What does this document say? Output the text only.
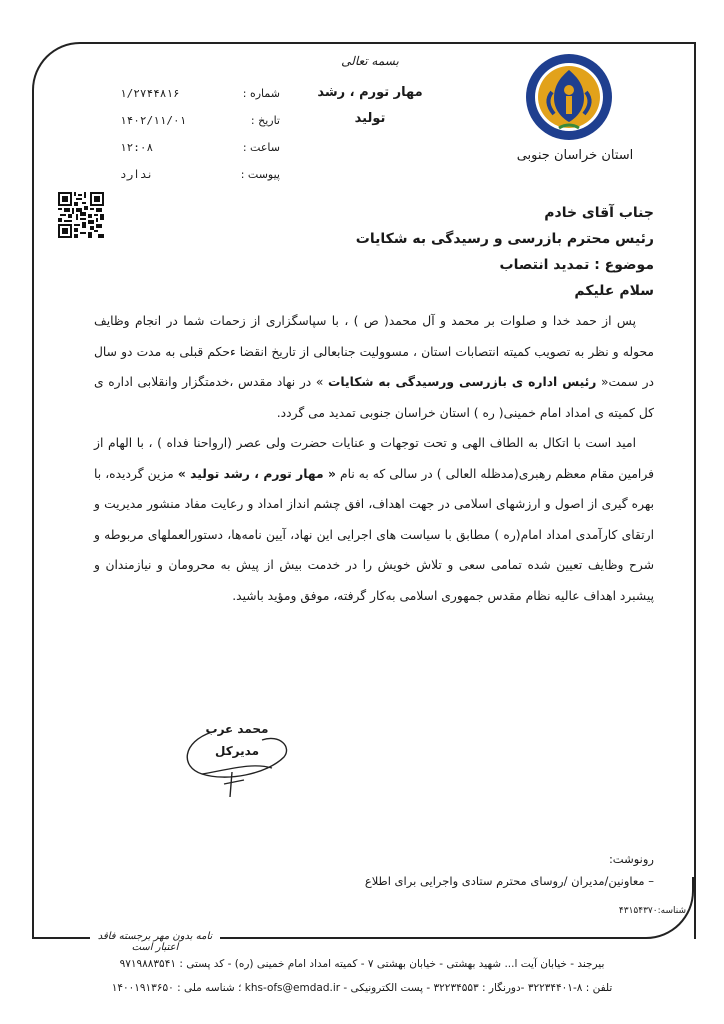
استان خراسان جنوبی
بسمه تعالی
مهار تورم ، رشد
تولید
شماره :
۱/۲۷۴۴۸۱۶
تاریخ :
۱۴۰۲/۱۱/۰۱
ساعت :
۱۲:۰۸
پیوست :
ندارد
جناب آقای خادم
رئیس محترم بازرسی و رسیدگی به شکایات
موضوع : تمدید انتصاب
سلام علیکم

پس از حمد خدا و صلوات بر محمد و آل محمد( ص ) ، با سپاسگزاری از زحمات شما در انجام وظایف محوله و نظر به تصویب کمیته انتصابات استان ، مسوولیت جنابعالی از تاریخ انقضا ءحکم قبلی به مدت دو سال در سمت« رئیس اداره ی بازرسی ورسیدگی به شکایات » در نهاد مقدس ،خدمتگزار وانقلابی اداره ی کل کمیته ی امداد امام خمینی( ره ) استان خراسان جنوبی تمدید می گردد.

امید است با اتکال به الطاف الهی و تحت توجهات و عنایات حضرت ولی عصر (ارواحنا فداه ) ، با الهام از فرامین مقام معظم رهبری(مدظله العالی ) در سالی که به نام « مهار تورم ، رشد تولید » مزین گردیده، با بهره گیری از اصول و ارزشهای اسلامی در جهت اهداف، افق چشم انداز امداد و رعایت مفاد منشور مدیریت و ارتقای کارآمدی امداد امام(ره ) مطابق با سیاست های اجرایی این نهاد، آیین نامه‌ها، دستورالعملهای مربوطه و شرح وظایف تعیین شده تمامی سعی و تلاش خویش را در خدمت بیش از پیش به محرومان و نیازمندان و پیشبرد اهداف عالیه نظام مقدس جمهوری اسلامی به‌کار گرفته، موفق ومؤید باشید.

محمد عرب
مدیرکل
رونوشت:
– معاونین/مدیران /روسای محترم ستادی واجرایی برای اطلاع
شناسه:۴۳۱۵۴۳۷۰
نامه بدون مهر برجسته فاقد اعتبار است
بیرجند - خیابان آیت ا... شهید بهشتی - خیابان بهشتی ۷ - کمیته امداد امام خمینی (ره) - کد پستی : ۹۷۱۹۸۸۳۵۴۱
تلفن : ۸-۳۲۲۳۴۴۰۱ -دورنگار : ۳۲۲۳۴۵۵۳ - پست الکترونیکی - khs-ofs@emdad.ir ؛ شناسه ملی : ۱۴۰۰۱۹۱۳۶۵۰
